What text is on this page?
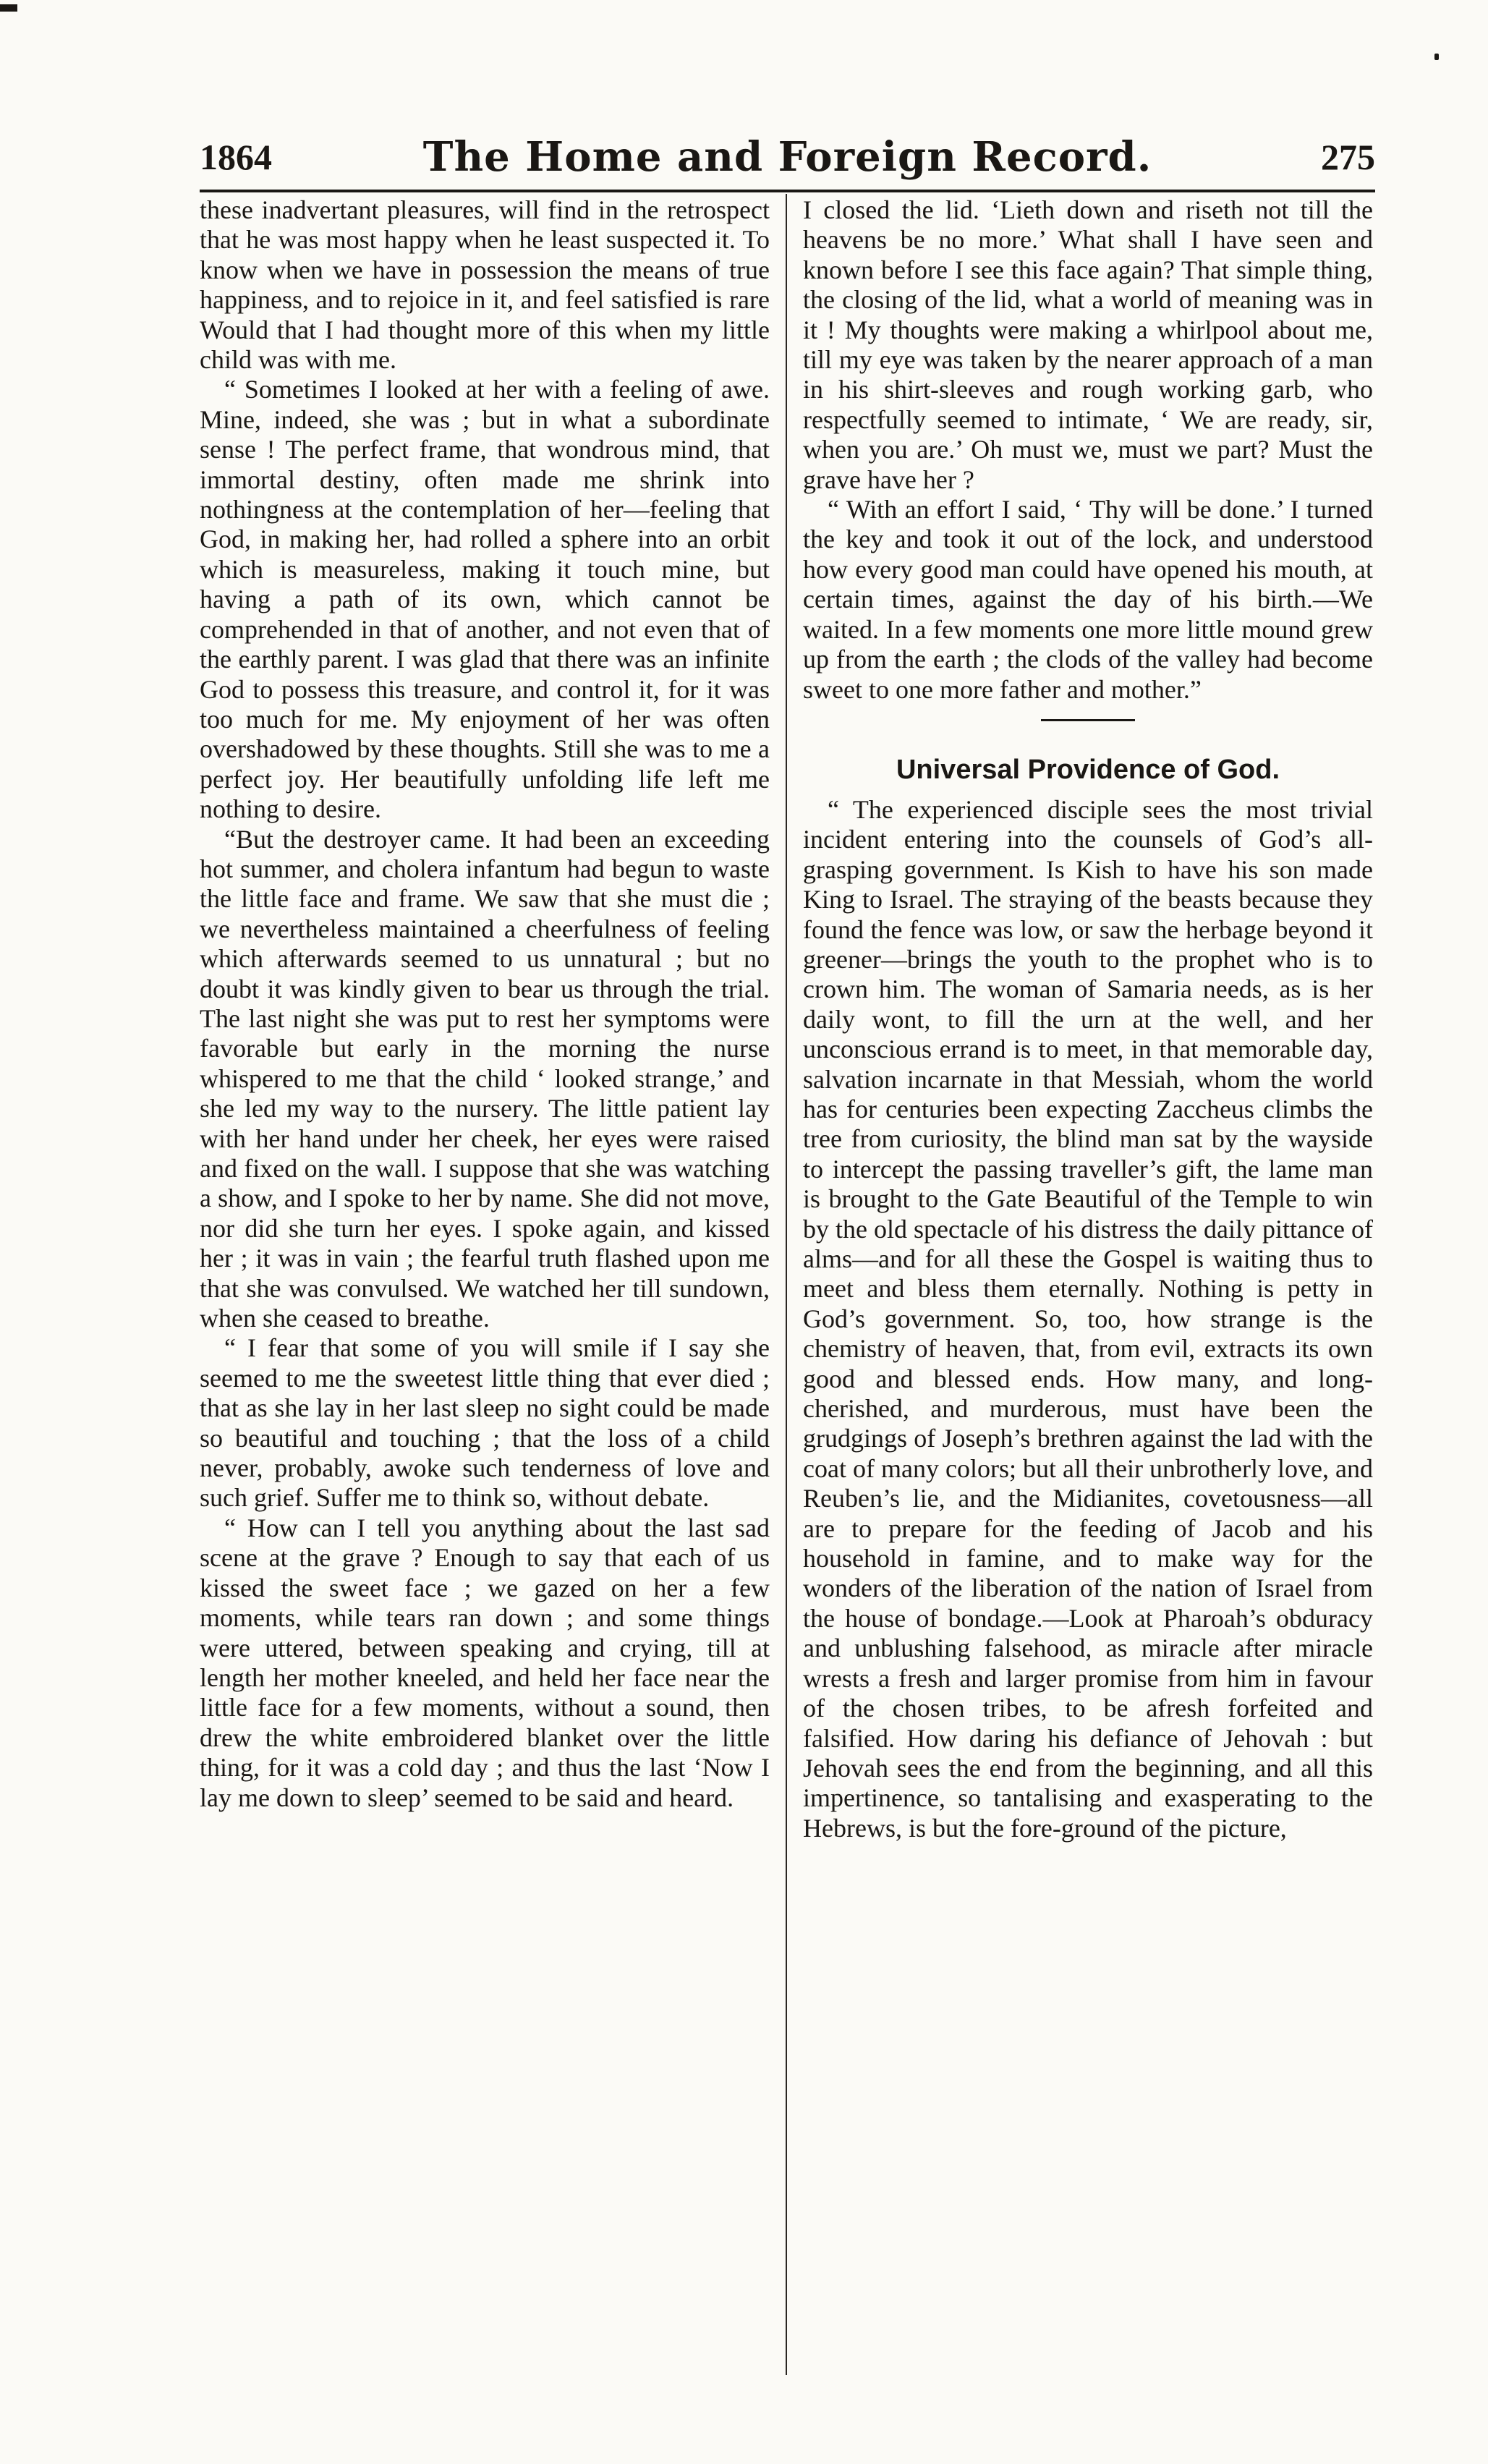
1864	The Home and Foreign Record.	275

these inadvertant pleasures, will find in the retrospect that he was most happy when he least suspected it. To know when we have in possession the means of true happiness, and to rejoice in it, and feel satisfied is rare Would that I had thought more of this when my little child was with me.

“ Sometimes I looked at her with a feeling of awe. Mine, indeed, she was ; but in what a subordinate sense ! The perfect frame, that wondrous mind, that immortal destiny, often made me shrink into nothingness at the contemplation of her—feeling that God, in making her, had rolled a sphere into an orbit which is measureless, making it touch mine, but having a path of its own, which cannot be comprehended in that of another, and not even that of the earthly parent. I was glad that there was an infinite God to possess this treasure, and control it, for it was too much for me. My enjoyment of her was often overshadowed by these thoughts. Still she was to me a perfect joy. Her beautifully unfolding life left me nothing to desire.

“But the destroyer came. It had been an exceeding hot summer, and cholera infantum had begun to waste the little face and frame. We saw that she must die ; we nevertheless maintained a cheerfulness of feeling which afterwards seemed to us unnatural ; but no doubt it was kindly given to bear us through the trial. The last night she was put to rest her symptoms were favorable but early in the morning the nurse whispered to me that the child ‘ looked strange,’ and she led my way to the nursery. The little patient lay with her hand under her cheek, her eyes were raised and fixed on the wall. I suppose that she was watching a show, and I spoke to her by name. She did not move, nor did she turn her eyes. I spoke again, and kissed her ; it was in vain ; the fearful truth flashed upon me that she was convulsed. We watched her till sundown, when she ceased to breathe.

“ I fear that some of you will smile if I say she seemed to me the sweetest little thing that ever died ; that as she lay in her last sleep no sight could be made so beautiful and touching ; that the loss of a child never, probably, awoke such tenderness of love and such grief. Suffer me to think so, without debate.

“ How can I tell you anything about the last sad scene at the grave ? Enough to say that each of us kissed the sweet face ; we gazed on her a few moments, while tears ran down ; and some things were uttered, between speaking and crying, till at length her mother kneeled, and held her face near the little face for a few moments, without a sound, then drew the white embroidered blanket over the little thing, for it was a cold day ; and thus the last ‘Now I lay me down to sleep’ seemed to be said and heard.

I closed the lid. ‘Lieth down and riseth not till the heavens be no more.’ What shall I have seen and known before I see this face again? That simple thing, the closing of the lid, what a world of meaning was in it ! My thoughts were making a whirlpool about me, till my eye was taken by the nearer approach of a man in his shirt-sleeves and rough working garb, who respectfully seemed to intimate, ‘ We are ready, sir, when you are.’ Oh must we, must we part? Must the grave have her ?

“ With an effort I said, ‘ Thy will be done.’ I turned the key and took it out of the lock, and understood how every good man could have opened his mouth, at certain times, against the day of his birth.—We waited. In a few moments one more little mound grew up from the earth ; the clods of the valley had become sweet to one more father and mother.”

Universal Providence of God.

“ The experienced disciple sees the most trivial incident entering into the counsels of God’s all-grasping government. Is Kish to have his son made King to Israel. The straying of the beasts because they found the fence was low, or saw the herbage beyond it greener—brings the youth to the prophet who is to crown him. The woman of Samaria needs, as is her daily wont, to fill the urn at the well, and her unconscious errand is to meet, in that memorable day, salvation incarnate in that Messiah, whom the world has for centuries been expecting Zaccheus climbs the tree from curiosity, the blind man sat by the wayside to intercept the passing traveller’s gift, the lame man is brought to the Gate Beautiful of the Temple to win by the old spectacle of his distress the daily pittance of alms—and for all these the Gospel is waiting thus to meet and bless them eternally. Nothing is petty in God’s government. So, too, how strange is the chemistry of heaven, that, from evil, extracts its own good and blessed ends. How many, and long-cherished, and murderous, must have been the grudgings of Joseph’s brethren against the lad with the coat of many colors; but all their unbrotherly love, and Reuben’s lie, and the Midianites, covetousness—all are to prepare for the feeding of Jacob and his household in famine, and to make way for the wonders of the liberation of the nation of Israel from the house of bondage.—Look at Pharoah’s obduracy and unblushing falsehood, as miracle after miracle wrests a fresh and larger promise from him in favour of the chosen tribes, to be afresh forfeited and falsified. How daring his defiance of Jehovah : but Jehovah sees the end from the beginning, and all this impertinence, so tantalising and exasperating to the Hebrews, is but the fore-ground of the picture,
